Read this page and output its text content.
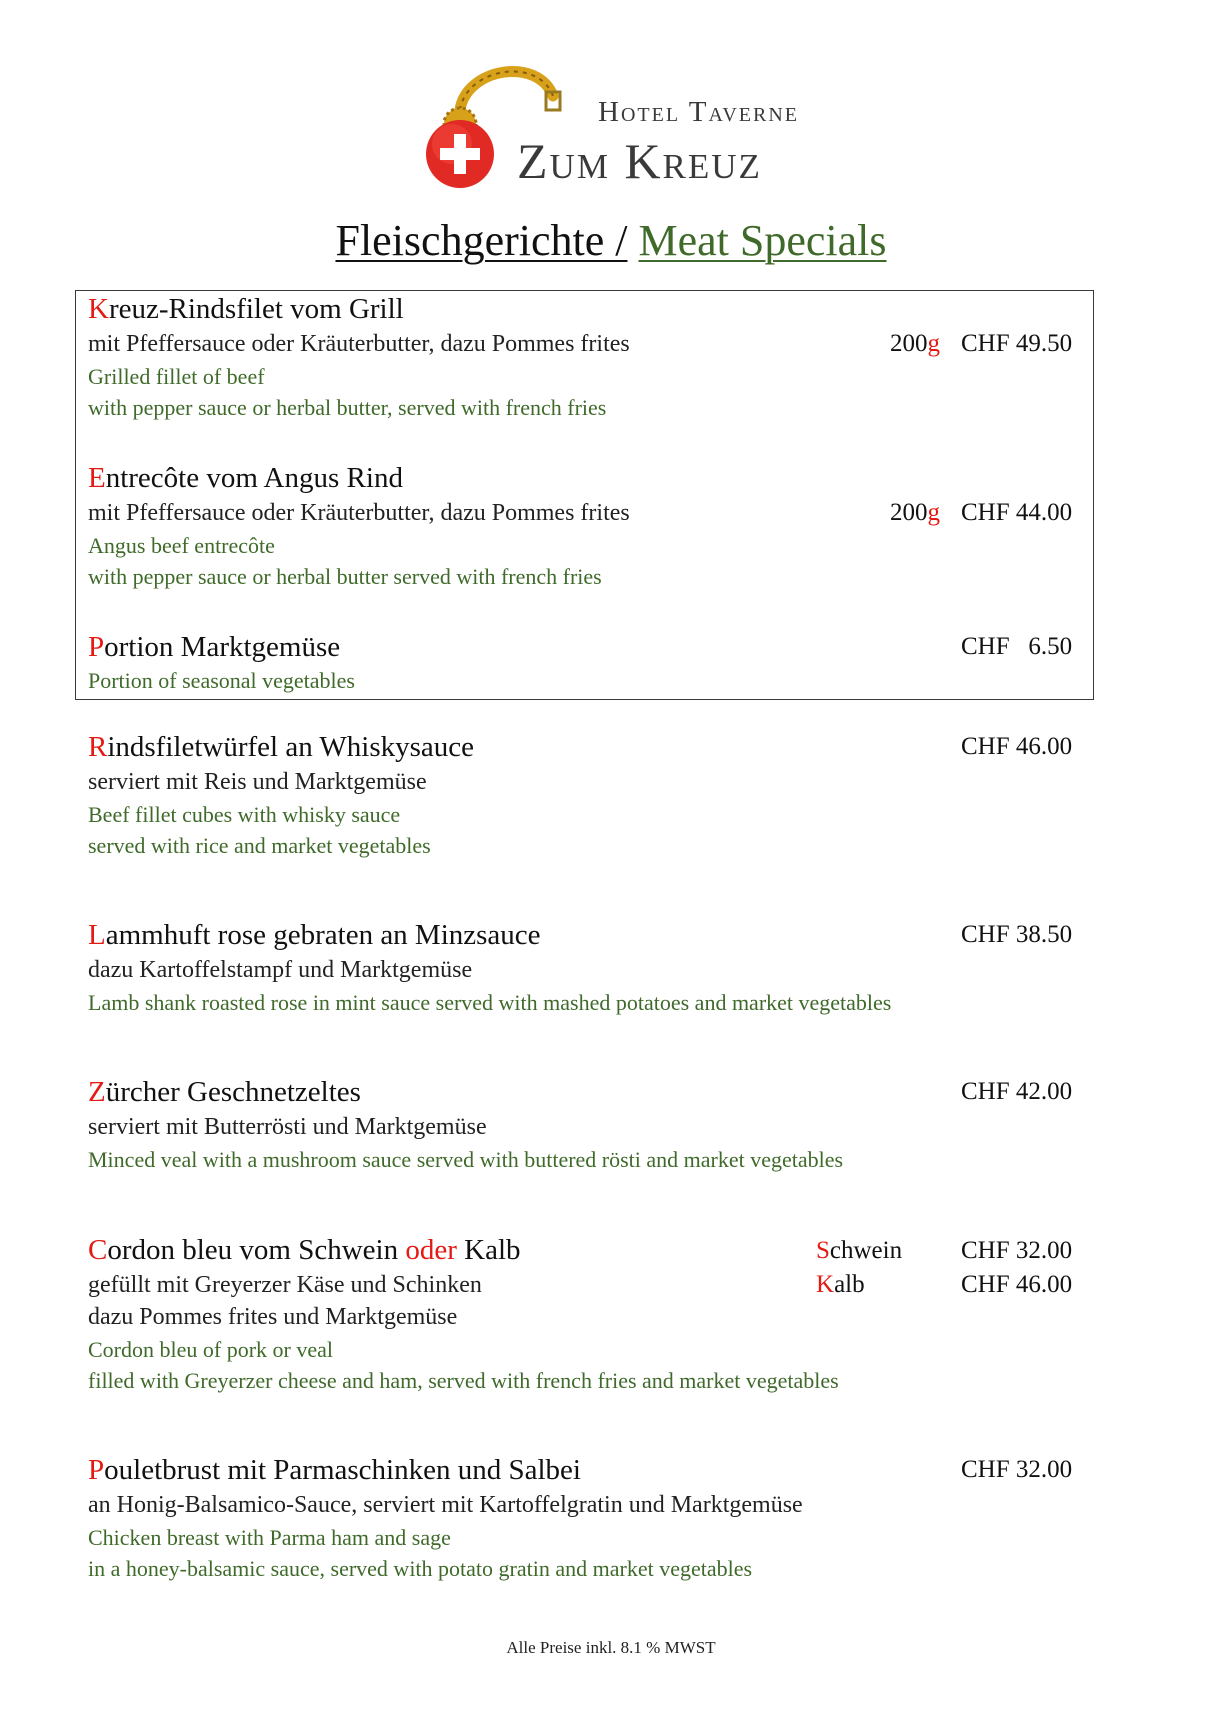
Hotel Taverne
Zum Kreuz
Fleischgerichte / Meat Specials
Kreuz-Rindsfilet vom Grill
mit Pfeffersauce oder Kräuterbutter, dazu Pommes frites	200g CHF 49.50
Grilled fillet of beef
with pepper sauce or herbal butter, served with french fries
Entrecôte vom Angus Rind
mit Pfeffersauce oder Kräuterbutter, dazu Pommes frites	200g CHF 44.00
Angus beef entrecôte
with pepper sauce or herbal butter served with french fries
Portion Marktgemüse	CHF   6.50
Portion of seasonal vegetables
Rindsfiletwürfel an Whiskysauce	CHF 46.00
serviert mit Reis und Marktgemüse
Beef fillet cubes with whisky sauce
served with rice and market vegetables
Lammhuft rose gebraten an Minzsauce	CHF 38.50
dazu Kartoffelstampf und Marktgemüse
Lamb shank roasted rose in mint sauce served with mashed potatoes and market vegetables
Zürcher Geschnetzeltes	CHF 42.00
serviert mit Butterrösti und Marktgemüse
Minced veal with a mushroom sauce served with buttered rösti and market vegetables
Cordon bleu vom Schwein oder Kalb	Schwein CHF 32.00
gefüllt mit Greyerzer Käse und Schinken	Kalb	CHF 46.00
dazu Pommes frites und Marktgemüse
Cordon bleu of pork or veal
filled with Greyerzer cheese and ham, served with french fries and market vegetables
Pouletbrust mit Parmaschinken und Salbei	CHF 32.00
an Honig-Balsamico-Sauce, serviert mit Kartoffelgratin und Marktgemüse
Chicken breast with Parma ham and sage
in a honey-balsamic sauce, served with potato gratin and market vegetables
Alle Preise inkl. 8.1 % MWST
